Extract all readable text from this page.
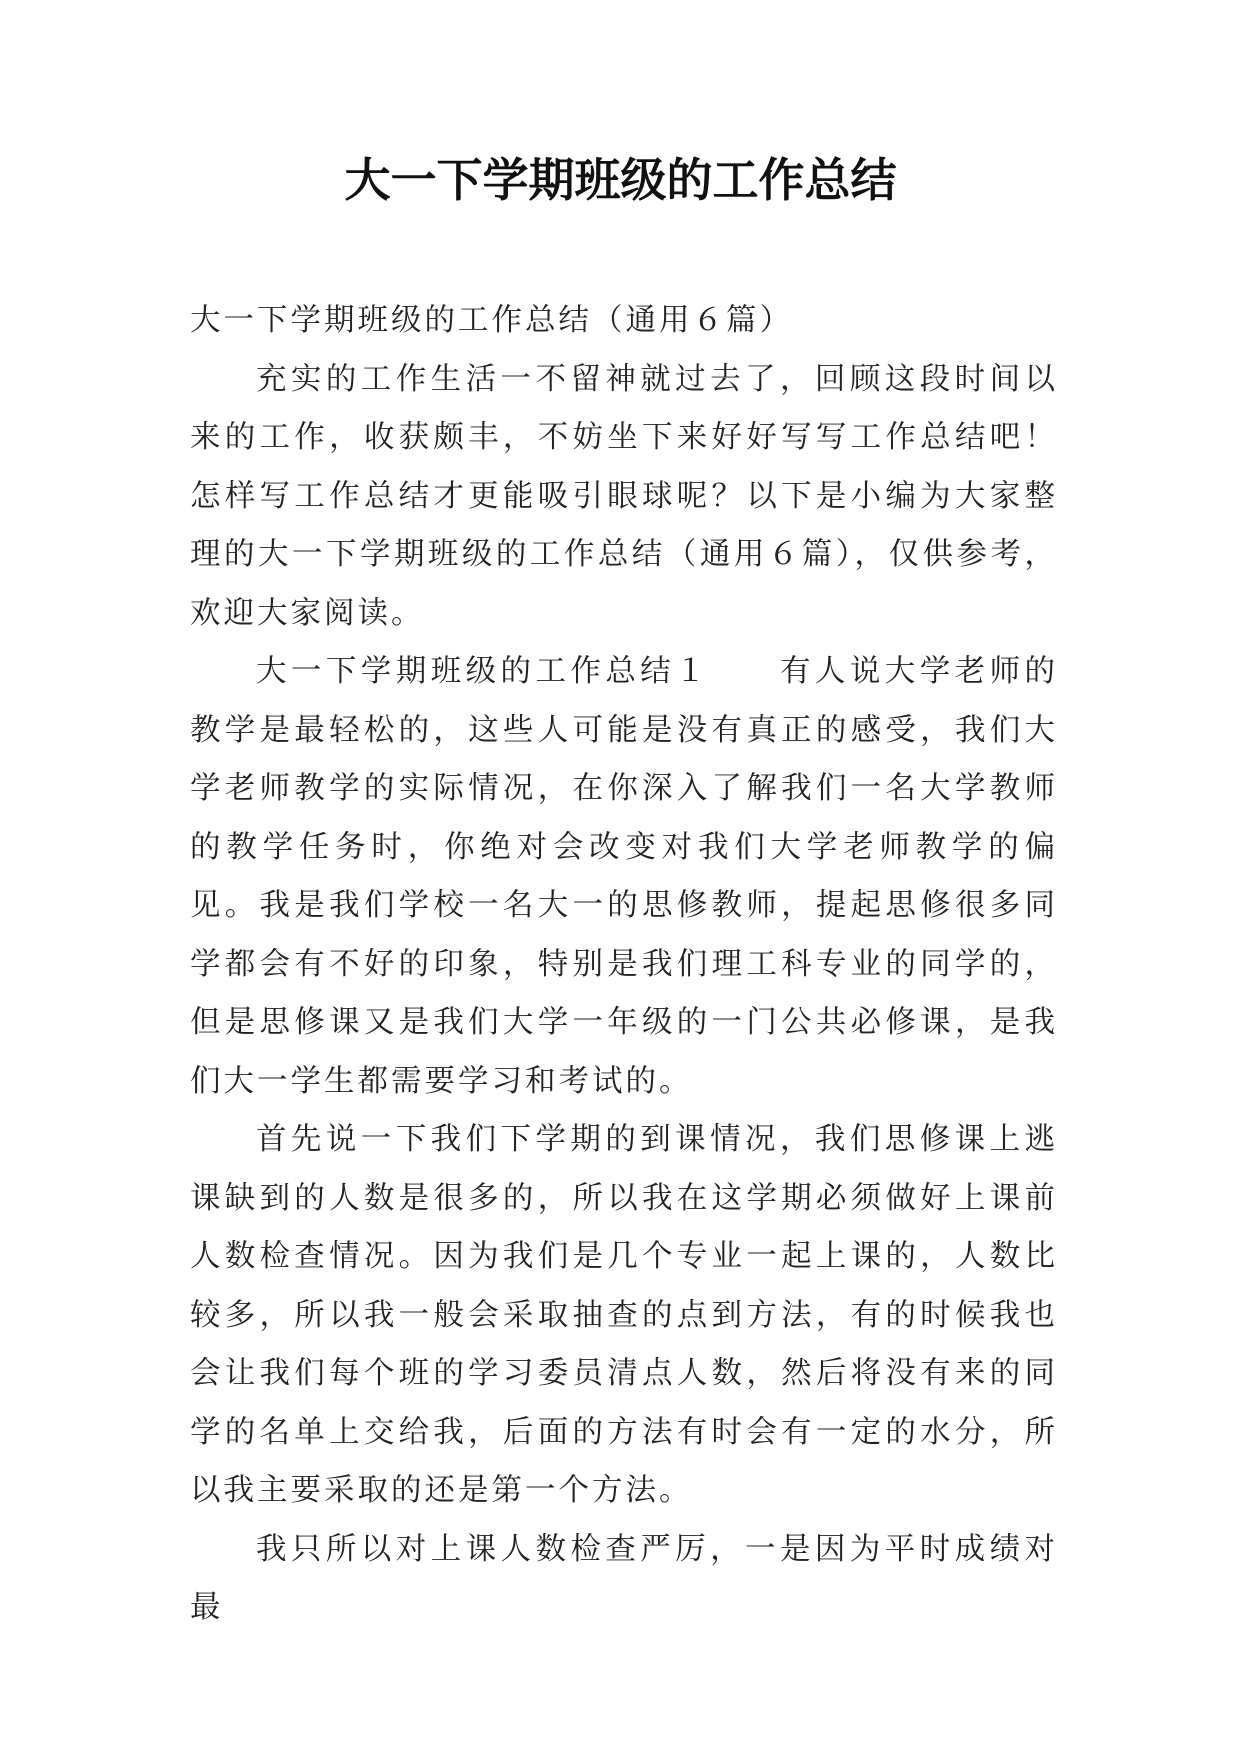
大一下学期班级的工作总结

大一下学期班级的工作总结（通用６篇）

充实的工作生活一不留神就过去了，回顾这段时间以来的工作，收获颇丰，不妨坐下来好好写写工作总结吧！怎样写工作总结才更能吸引眼球呢？以下是小编为大家整理的大一下学期班级的工作总结（通用６篇），仅供参考，欢迎大家阅读。

大一下学期班级的工作总结１　　有人说大学老师的教学是最轻松的，这些人可能是没有真正的感受，我们大学老师教学的实际情况，在你深入了解我们一名大学教师的教学任务时，你绝对会改变对我们大学老师教学的偏见。我是我们学校一名大一的思修教师，提起思修很多同学都会有不好的印象，特别是我们理工科专业的同学的，但是思修课又是我们大学一年级的一门公共必修课，是我们大一学生都需要学习和考试的。

首先说一下我们下学期的到课情况，我们思修课上逃课缺到的人数是很多的，所以我在这学期必须做好上课前人数检查情况。因为我们是几个专业一起上课的，人数比较多，所以我一般会采取抽查的点到方法，有的时候我也会让我们每个班的学习委员清点人数，然后将没有来的同学的名单上交给我，后面的方法有时会有一定的水分，所以我主要采取的还是第一个方法。

我只所以对上课人数检查严厉，一是因为平时成绩对最
